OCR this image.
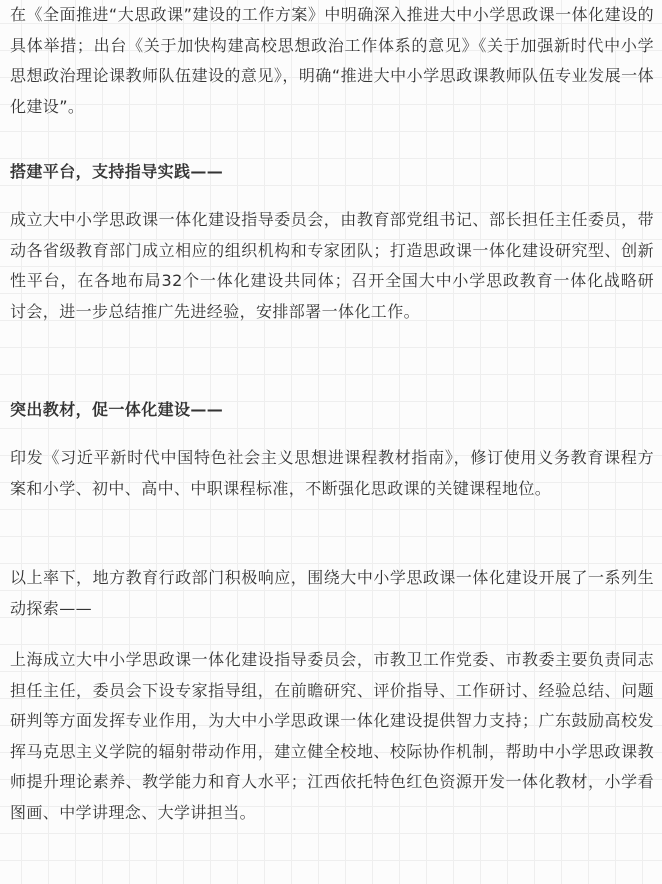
在《全面推进“大思政课”建设的工作方案》中明确深入推进大中小学思政课一体化建设的具体举措；出台《关于加快构建高校思想政治工作体系的意见》《关于加强新时代中小学思想政治理论课教师队伍建设的意见》，明确“推进大中小学思政课教师队伍专业发展一体化建设”。

搭建平台，支持指导实践——

成立大中小学思政课一体化建设指导委员会，由教育部党组书记、部长担任主任委员，带动各省级教育部门成立相应的组织机构和专家团队；打造思政课一体化建设研究型、创新性平台，在各地布局32个一体化建设共同体；召开全国大中小学思政教育一体化战略研讨会，进一步总结推广先进经验，安排部署一体化工作。

突出教材，促一体化建设——

印发《习近平新时代中国特色社会主义思想进课程教材指南》，修订使用义务教育课程方案和小学、初中、高中、中职课程标准，不断强化思政课的关键课程地位。

以上率下，地方教育行政部门积极响应，围绕大中小学思政课一体化建设开展了一系列生动探索——

上海成立大中小学思政课一体化建设指导委员会，市教卫工作党委、市教委主要负责同志担任主任，委员会下设专家指导组，在前瞻研究、评价指导、工作研讨、经验总结、问题研判等方面发挥专业作用，为大中小学思政课一体化建设提供智力支持；广东鼓励高校发挥马克思主义学院的辐射带动作用，建立健全校地、校际协作机制，帮助中小学思政课教师提升理论素养、教学能力和育人水平；江西依托特色红色资源开发一体化教材，小学看图画、中学讲理念、大学讲担当。
